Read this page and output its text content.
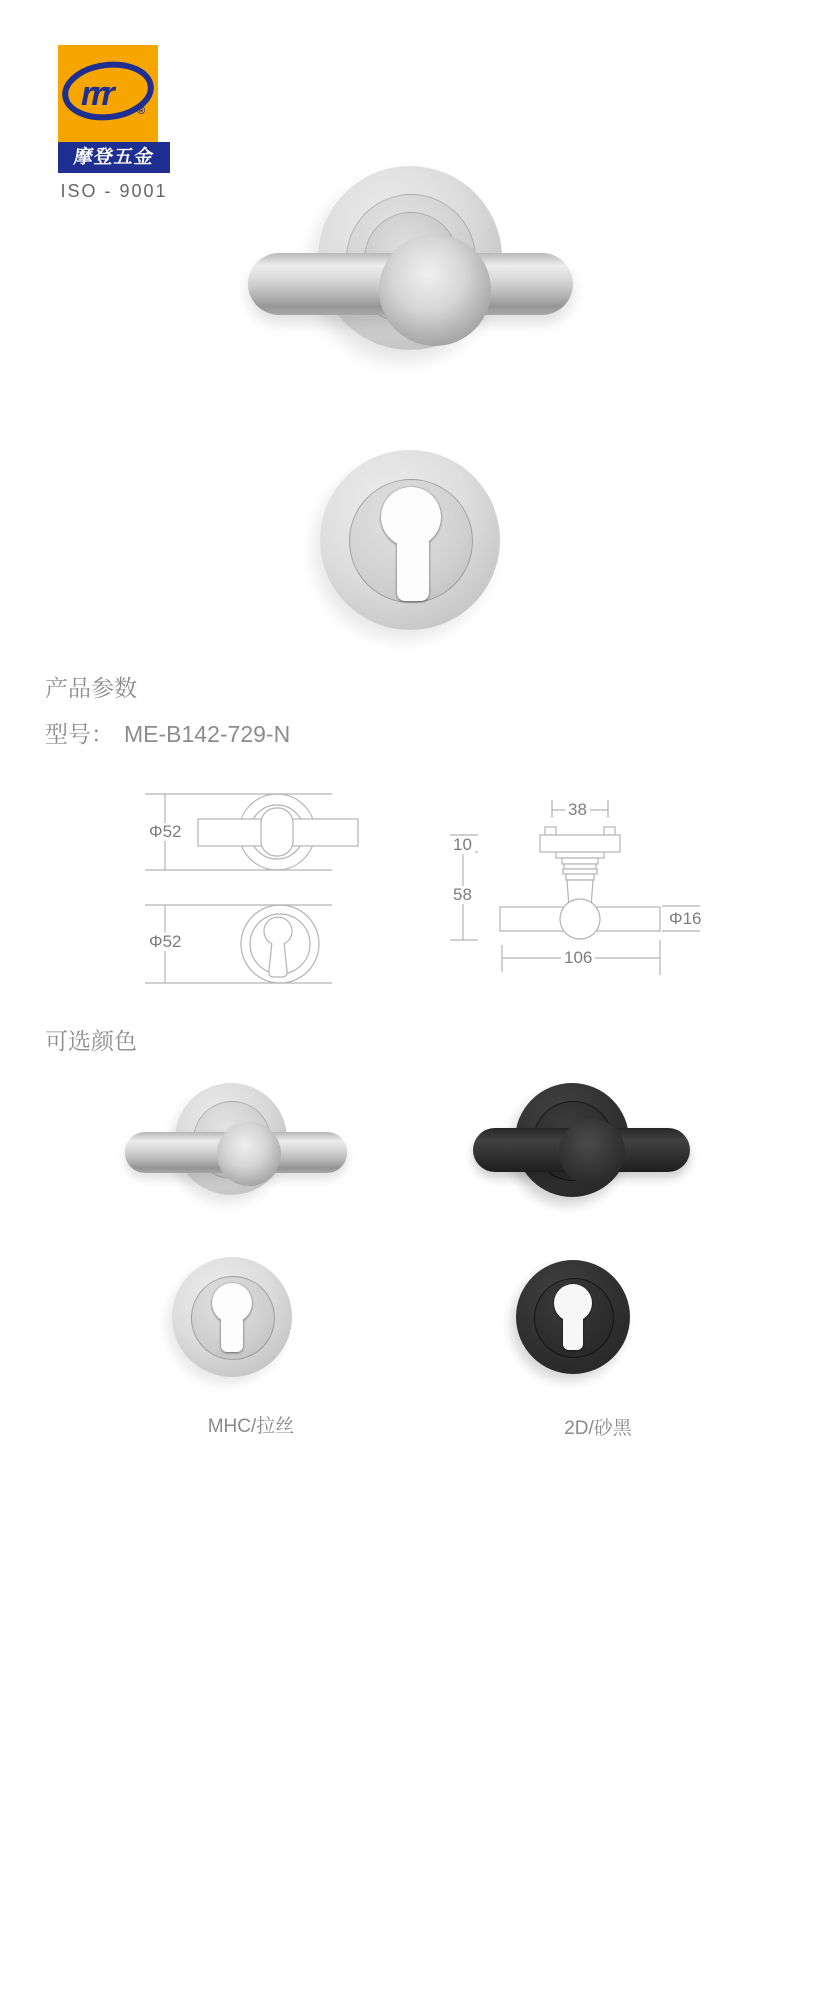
rrr	®
摩登五金
ISO - 9001
产品参数
型号： ME-B142-729-N
Φ52
Φ52
38
10
58
106
Φ16
可选颜色
MHC/拉丝	2D/砂黑
